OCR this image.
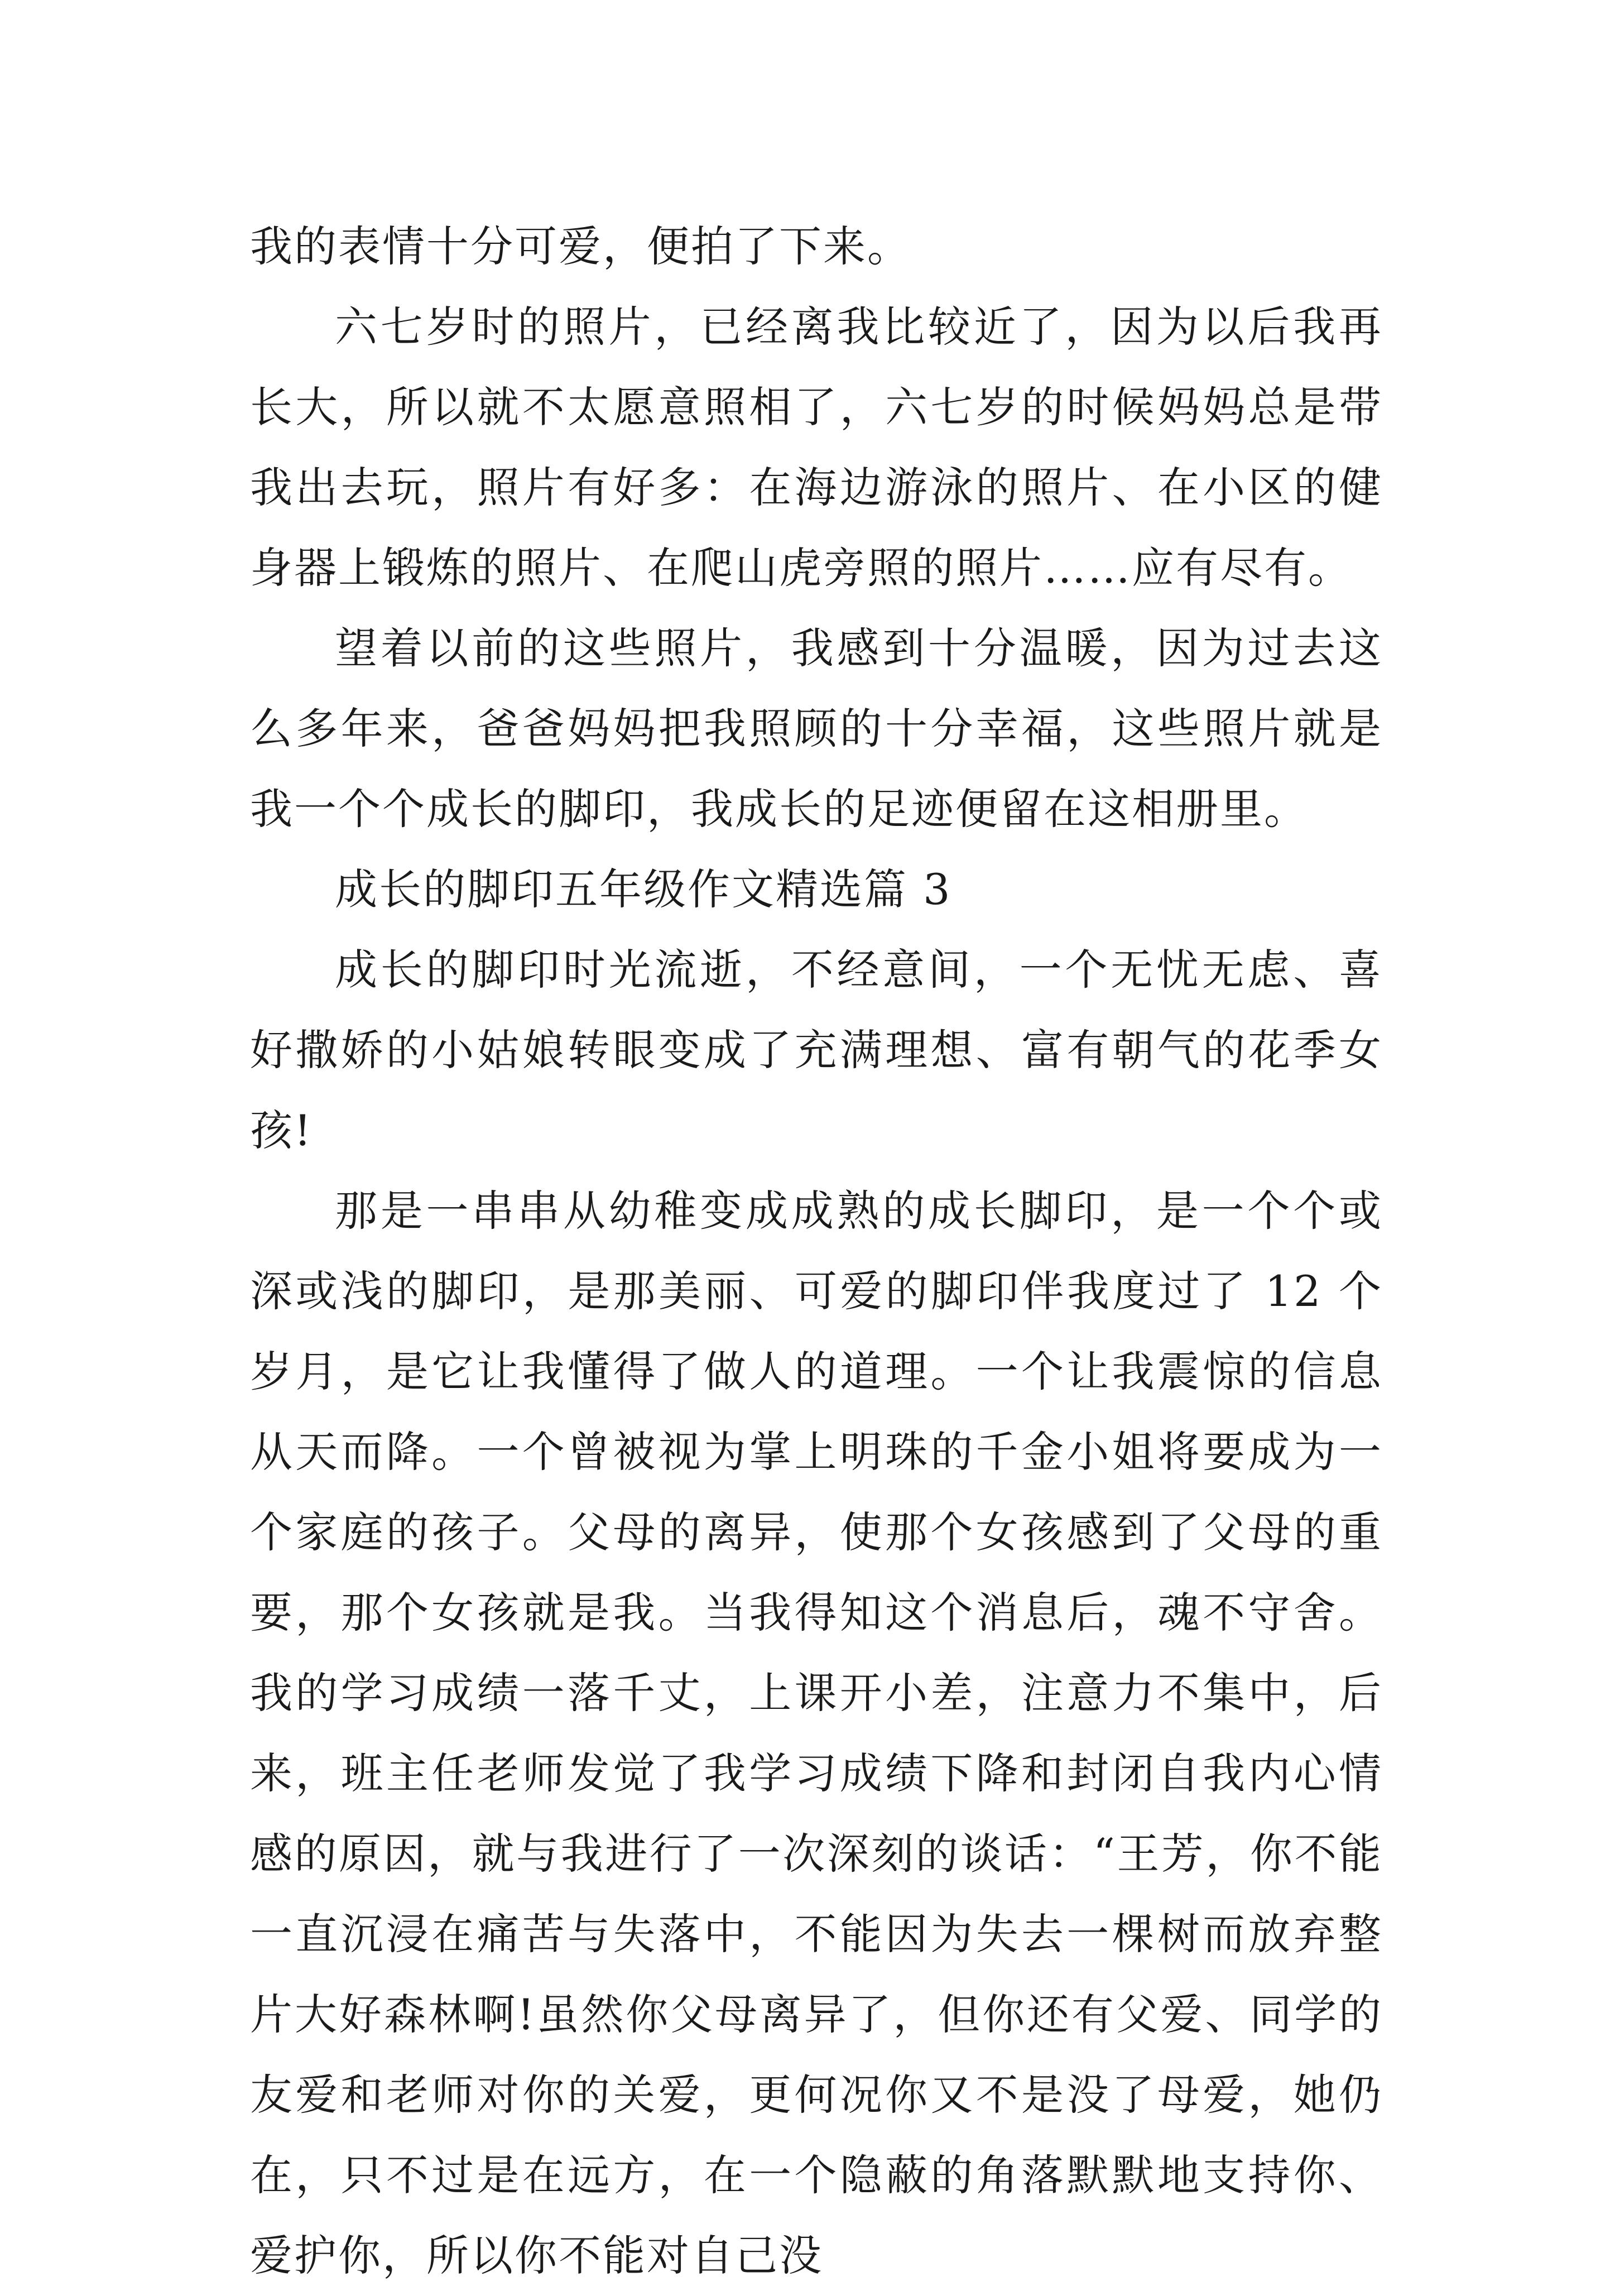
我的表情十分可爱，便拍了下来。

六七岁时的照片，已经离我比较近了，因为以后我再长大，所以就不太愿意照相了，六七岁的时候妈妈总是带我出去玩，照片有好多：在海边游泳的照片、在小区的健身器上锻炼的照片、在爬山虎旁照的照片……应有尽有。

望着以前的这些照片，我感到十分温暖，因为过去这么多年来，爸爸妈妈把我照顾的十分幸福，这些照片就是我一个个成长的脚印，我成长的足迹便留在这相册里。

成长的脚印五年级作文精选篇 3

成长的脚印时光流逝，不经意间，一个无忧无虑、喜好撒娇的小姑娘转眼变成了充满理想、富有朝气的花季女孩!

那是一串串从幼稚变成成熟的成长脚印，是一个个或深或浅的脚印，是那美丽、可爱的脚印伴我度过了 12 个岁月，是它让我懂得了做人的道理。一个让我震惊的信息从天而降。一个曾被视为掌上明珠的千金小姐将要成为一个家庭的孩子。父母的离异，使那个女孩感到了父母的重要，那个女孩就是我。当我得知这个消息后，魂不守舍。我的学习成绩一落千丈，上课开小差，注意力不集中，后来，班主任老师发觉了我学习成绩下降和封闭自我内心情感的原因，就与我进行了一次深刻的谈话：“王芳，你不能一直沉浸在痛苦与失落中，不能因为失去一棵树而放弃整片大好森林啊!虽然你父母离异了，但你还有父爱、同学的友爱和老师对你的关爱，更何况你又不是没了母爱，她仍在，只不过是在远方，在一个隐蔽的角落默默地支持你、爱护你，所以你不能对自己没
